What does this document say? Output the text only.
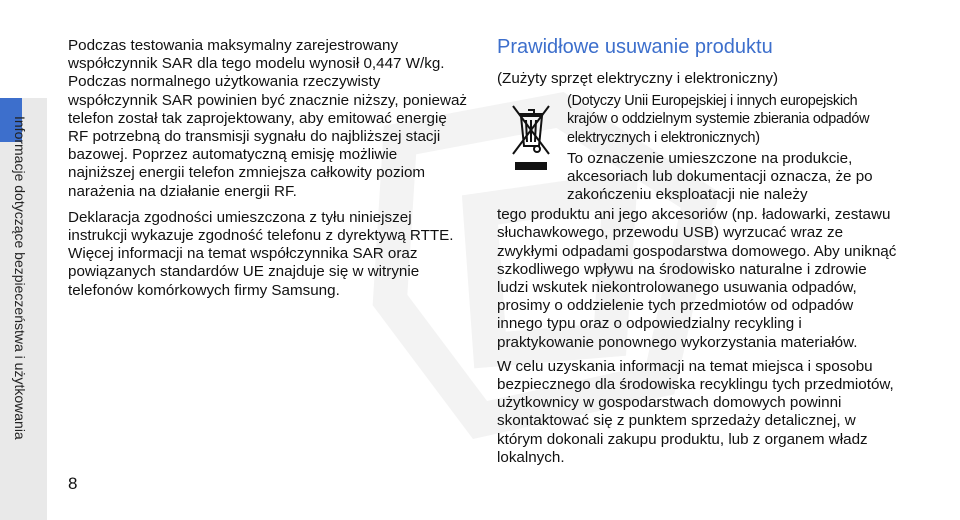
Informacje dotyczące bezpieczeństwa i użytkowania
8

Podczas testowania maksymalny zarejestrowany współczynnik SAR dla tego modelu wynosił 0,447 W/kg. Podczas normalnego użytkowania rzeczywisty współczynnik SAR powinien być znacznie niższy, ponieważ telefon został tak zaprojektowany, aby emitować energię RF potrzebną do transmisji sygnału do najbliższej stacji bazowej. Poprzez automatyczną emisję możliwie najniższej energii telefon zmniejsza całkowity poziom narażenia na działanie energii RF.

Deklaracja zgodności umieszczona z tyłu niniejszej instrukcji wykazuje zgodność telefonu z dyrektywą RTTE. Więcej informacji na temat współczynnika SAR oraz powiązanych standardów UE znajduje się w witrynie telefonów komórkowych firmy Samsung.

Prawidłowe usuwanie produktu
(Zużyty sprzęt elektryczny i elektroniczny)

(Dotyczy Unii Europejskiej i innych europejskich krajów o oddzielnym systemie zbierania odpadów elektrycznych i elektronicznych)

To oznaczenie umieszczone na produkcie, akcesoriach lub dokumentacji oznacza, że po zakończeniu eksploatacji nie należy

tego produktu ani jego akcesoriów (np. ładowarki, zestawu słuchawkowego, przewodu USB) wyrzucać wraz ze zwykłymi odpadami gospodarstwa domowego. Aby uniknąć szkodliwego wpływu na środowisko naturalne i zdrowie ludzi wskutek niekontrolowanego usuwania odpadów, prosimy o oddzielenie tych przedmiotów od odpadów innego typu oraz o odpowiedzialny recykling i praktykowanie ponownego wykorzystania materiałów.

W celu uzyskania informacji na temat miejsca i sposobu bezpiecznego dla środowiska recyklingu tych przedmiotów, użytkownicy w gospodarstwach domowych powinni skontaktować się z punktem sprzedaży detalicznej, w którym dokonali zakupu produktu, lub z organem władz lokalnych.
